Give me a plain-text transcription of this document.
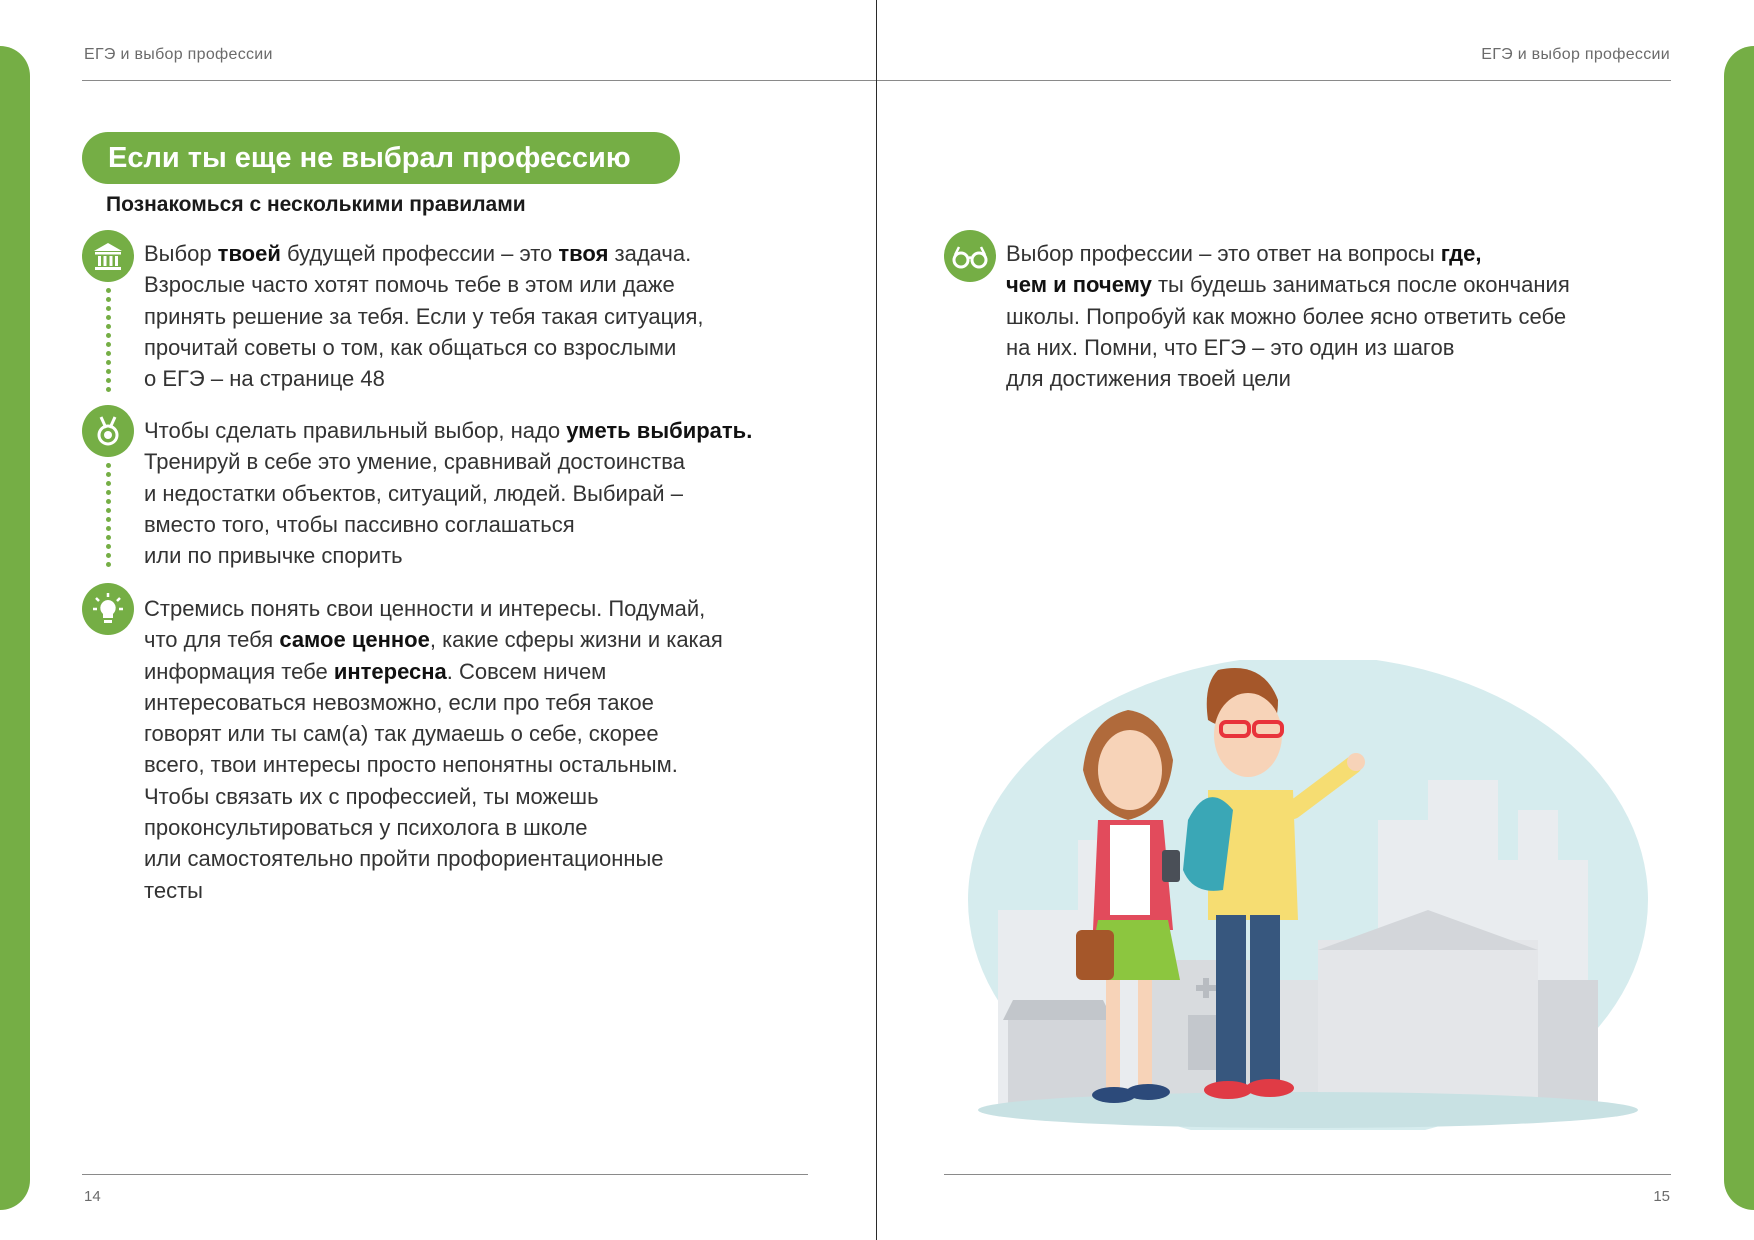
ЕГЭ и выбор профессии	ЕГЭ и выбор профессии
14	15
Если ты еще не выбрал профессию
Познакомься с несколькими правилами
Выбор твоей будущей профессии – это твоя задача.
Взрослые часто хотят помочь тебе в этом или даже
принять решение за тебя. Если у тебя такая ситуация,
прочитай советы о том, как общаться со взрослыми
о ЕГЭ – на странице 48
Чтобы сделать правильный выбор, надо уметь выбирать.
Тренируй в себе это умение, сравнивай достоинства
и недостатки объектов, ситуаций, людей. Выбирай –
вместо того, чтобы пассивно соглашаться
или по привычке спорить
Стремись понять свои ценности и интересы. Подумай,
что для тебя самое ценное, какие сферы жизни и какая
информация тебе интересна. Совсем ничем
интересоваться невозможно, если про тебя такое
говорят или ты сам(а) так думаешь о себе, скорее
всего, твои интересы просто непонятны остальным.
Чтобы связать их с профессией, ты можешь
проконсультироваться у психолога в школе
или самостоятельно пройти профориентационные
тесты
Выбор профессии – это ответ на вопросы где,
чем и почему ты будешь заниматься после окончания
школы. Попробуй как можно более ясно ответить себе
на них. Помни, что ЕГЭ – это один из шагов
для достижения твоей цели
